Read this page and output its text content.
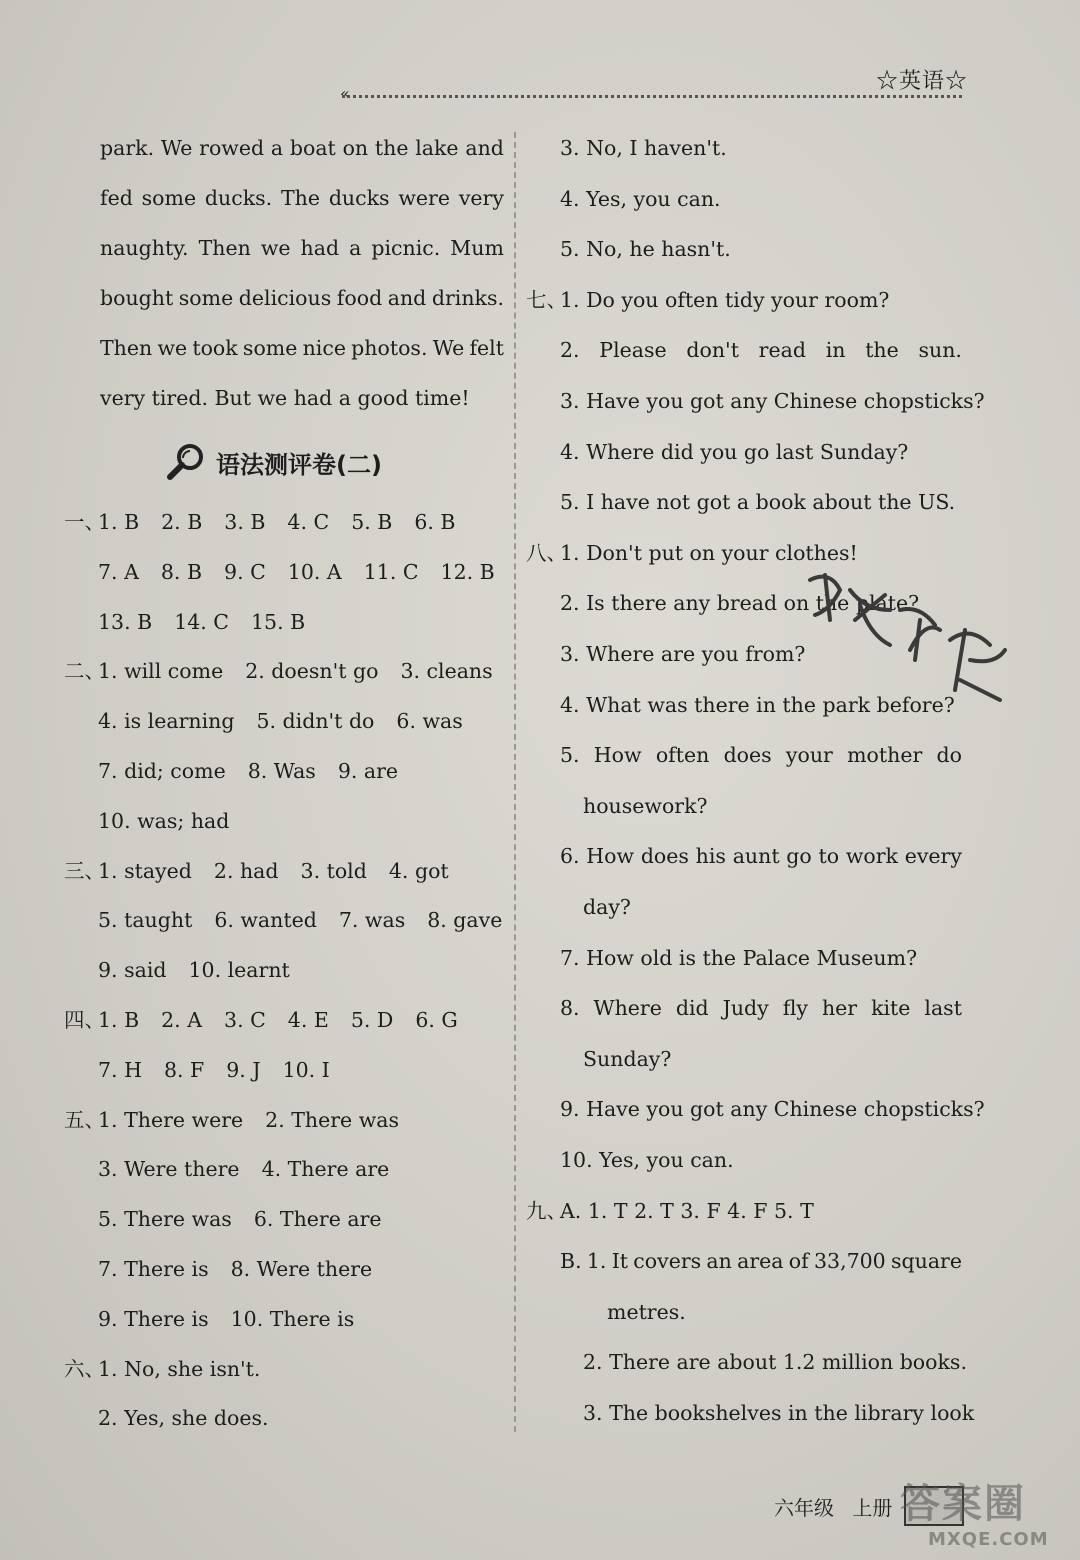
☆英语☆
«
park. We rowed a boat on the lake and
fed some ducks. The ducks were very
naughty. Then we had a picnic. Mum
bought some delicious food and drinks.
Then we took some nice photos. We felt
very tired. But we had a good time!
语法测评卷(二)
一、
1. B 2. B 3. B 4. C 5. B 6. B
7. A 8. B 9. C 10. A 11. C 12. B
13. B 14. C 15. B
二、
1. will come 2. doesn't go 3. cleans
4. is learning 5. didn't do 6. was
7. did; come 8. Was 9. are
10. was; had
三、
1. stayed 2. had 3. told 4. got
5. taught 6. wanted 7. was 8. gave
9. said 10. learnt
四、
1. B 2. A 3. C 4. E 5. D 6. G
7. H 8. F 9. J 10. I
五、
1. There were 2. There was
3. Were there 4. There are
5. There was 6. There are
7. There is 8. Were there
9. There is 10. There is
六、
1. No, she isn't.
2. Yes, she does.
3. No, I haven't.
4. Yes, you can.
5. No, he hasn't.
七、
1. Do you often tidy your room?
2. Please don't read in the sun.
3. Have you got any Chinese chopsticks?
4. Where did you go last Sunday?
5. I have not got a book about the US.
八、
1. Don't put on your clothes!
2. Is there any bread on the plate?
3. Where are you from?
4. What was there in the park before?
5. How often does your mother do
housework?
6. How does his aunt go to work every
day?
7. How old is the Palace Museum?
8. Where did Judy fly her kite last
Sunday?
9. Have you got any Chinese chopsticks?
10. Yes, you can.
九、
A. 1. T 2. T 3. F 4. F 5. T
B. 1. It covers an area of 33,700 square
metres.
2. There are about 1.2 million books.
3. The bookshelves in the library look
六年级 上册 答案圈
MXQE.COM
